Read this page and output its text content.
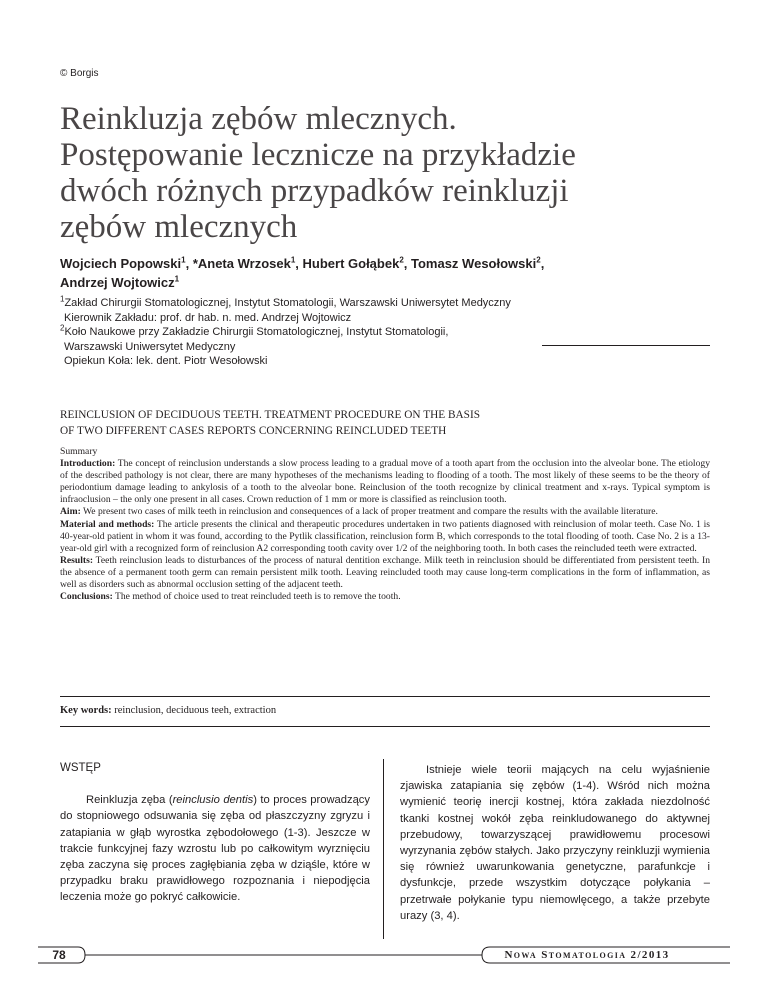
© Borgis
Reinkluzja zębów mlecznych.
Postępowanie lecznicze na przykładzie
dwóch różnych przypadków reinkluzji
zębów mlecznych
Wojciech Popowski$^1$, *Aneta Wrzosek$^1$, Hubert Gołąbek$^2$, Tomasz Wesołowski$^2$,
Andrzej Wojtowicz$^1$
$^1$Zakład Chirurgii Stomatologicznej, Instytut Stomatologii, Warszawski Uniwersytet Medyczny
Kierownik Zakładu: prof. dr hab. n. med. Andrzej Wojtowicz
$^2$Koło Naukowe przy Zakładzie Chirurgii Stomatologicznej, Instytut Stomatologii,
Warszawski Uniwersytet Medyczny
Opiekun Koła: lek. dent. Piotr Wesołowski
REINCLUSION OF DECIDUOUS TEETH. TREATMENT PROCEDURE ON THE BASIS
OF TWO DIFFERENT CASES REPORTS CONCERNING REINCLUDED TEETH
Summary

Introduction: The concept of reinclusion understands a slow process leading to a gradual move of a tooth apart from the occlusion into the alveolar bone. The etiology of the described pathology is not clear, there are many hypotheses of the mechanisms leading to flooding of a tooth. The most likely of these seems to be the theory of periodontium damage leading to ankylosis of a tooth to the alveolar bone. Reinclusion of the tooth recognize by clinical treatment and x-rays. Typical symptom is infraoclusion – the only one present in all cases. Crown reduction of 1 mm or more is classified as reinclusion tooth.

Aim: We present two cases of milk teeth in reinclusion and consequences of a lack of proper treatment and compare the results with the available literature.

Material and methods: The article presents the clinical and therapeutic procedures undertaken in two patients diagnosed with reinclusion of molar teeth. Case No. 1 is 40-year-old patient in whom it was found, according to the Pytlik classification, reinclusion form B, which corresponds to the total flooding of tooth. Case No. 2 is a 13-year-old girl with a recognized form of reinclusion A2 corresponding tooth cavity over 1/2 of the neighboring tooth. In both cases the reincluded teeth were extracted.

Results: Teeth reinclusion leads to disturbances of the process of natural dentition exchange. Milk teeth in reinclusion should be differentiated from persistent teeth. In the absence of a permanent tooth germ can remain persistent milk tooth. Leaving reincluded tooth may cause long-term complications in the form of inflammation, as well as disorders such as abnormal occlusion setting of the adjacent teeth.

Conclusions: The method of choice used to treat reincluded teeth is to remove the tooth.

Key words: reinclusion, deciduous teeh, extraction
WSTĘP

Reinkluzja zęba (reinclusio dentis) to proces prowadzący do stopniowego odsuwania się zęba od płaszczyzny zgryzu i zatapiania w głąb wyrostka zębodołowego (1-3). Jeszcze w trakcie funkcyjnej fazy wzrostu lub po całkowitym wyrznięciu zęba zaczyna się proces zagłębiania zęba w dziąśle, które w przypadku braku prawidłowego rozpoznania i niepodjęcia leczenia może go pokryć całkowicie.

Istnieje wiele teorii mających na celu wyjaśnienie zjawiska zatapiania się zębów (1-4). Wśród nich można wymienić teorię inercji kostnej, która zakłada niezdolność tkanki kostnej wokół zęba reinkludowanego do aktywnej przebudowy, towarzyszącej prawidłowemu procesowi wyrzynania zębów stałych. Jako przyczyny reinkluzji wymienia się również uwarunkowania genetyczne, parafunkcje i dysfunkcje, przede wszystkim dotyczące połykania – przetrwałe połykanie typu niemowlęcego, a także przebyte urazy (3, 4).

78	Nowa Stomatologia 2/2013
